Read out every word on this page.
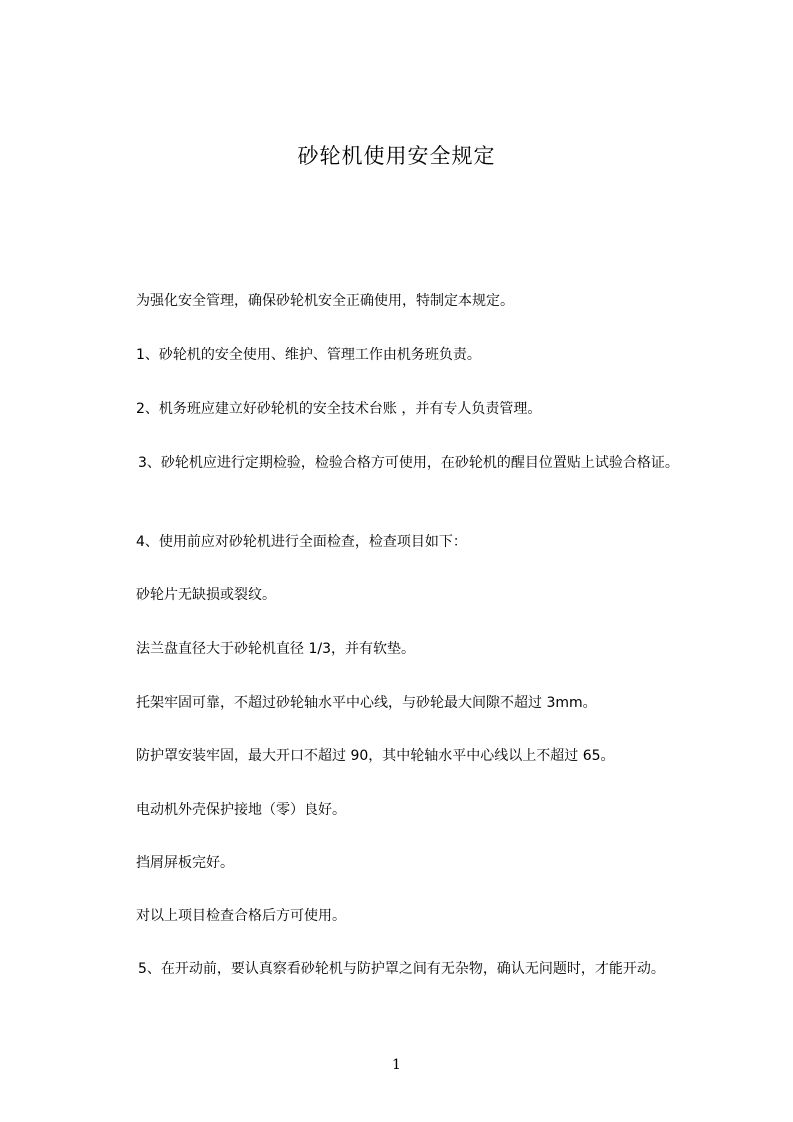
砂轮机使用安全规定
为强化安全管理，确保砂轮机安全正确使用，特制定本规定。
1、砂轮机的安全使用、维护、管理工作由机务班负责。
2、机务班应建立好砂轮机的安全技术台账 ，并有专人负责管理。
3、砂轮机应进行定期检验，检验合格方可使用，在砂轮机的醒目位置贴上试验合格证。
4、使用前应对砂轮机进行全面检查，检查项目如下：
砂轮片无缺损或裂纹。
法兰盘直径大于砂轮机直径 1/3，并有软垫。
托架牢固可靠，不超过砂轮轴水平中心线，与砂轮最大间隙不超过 3mm。
防护罩安装牢固，最大开口不超过 90，其中轮轴水平中心线以上不超过 65。
电动机外壳保护接地（零）良好。
挡屑屏板完好。
对以上项目检查合格后方可使用。
5、在开动前，要认真察看砂轮机与防护罩之间有无杂物，确认无问题时，才能开动。
1
